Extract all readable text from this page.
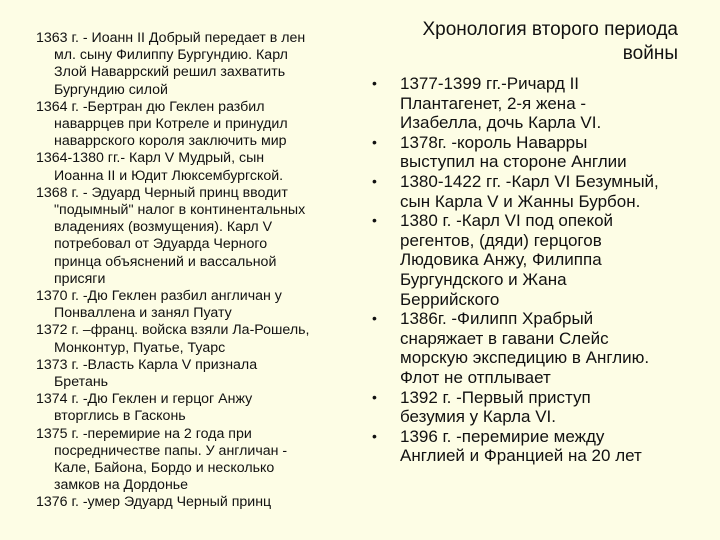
Хронология второго периода
войны
1363 г. - Иоанн II Добрый передает в лен
мл. сыну Филиппу Бургундию. Карл
Злой Наваррский решил захватить
Бургундию силой
1364 г. -Бертран дю Геклен разбил
наваррцев при Котреле и принудил
наваррского короля заключить мир
1364-1380 гг.- Карл V Мудрый, сын
Иоанна II и Юдит Люксембургской.
1368 г. - Эдуард Черный принц вводит
"подымный" налог в континентальных
владениях (возмущения). Карл V
потребовал от Эдуарда Черного
принца объяснений и вассальной
присяги
1370 г. -Дю Геклен разбил англичан у
Понваллена и занял Пуату
1372 г. –франц. войска взяли Ла-Рошель,
Монконтур, Пуатье, Туарс
1373 г. -Власть Карла V признала
Бретань
1374 г. -Дю Геклен и герцог Анжу
вторглись в Гасконь
1375 г. -перемирие на 2 года при
посредничестве папы. У англичан -
Кале, Байона, Бордо и несколько
замков на Дордонье
1376 г. -умер Эдуард Черный принц
• 1377-1399 гг.-Ричард II
Плантагенет, 2-я жена -
Изабелла, дочь Карла VI.
• 1378г. -король Наварры
выступил на стороне Англии
• 1380-1422 гг. -Карл VI Безумный,
сын Карла V и Жанны Бурбон.
• 1380 г. -Карл VI под опекой
регентов, (дяди) герцогов
Людовика Анжу, Филиппа
Бургундского и Жана
Беррийского
• 1386г. -Филипп Храбрый
снаряжает в гавани Слейс
морскую экспедицию в Англию.
Флот не отплывает
• 1392 г. -Первый приступ
безумия у Карла VI.
• 1396 г. -перемирие между
Англией и Францией на 20 лет
